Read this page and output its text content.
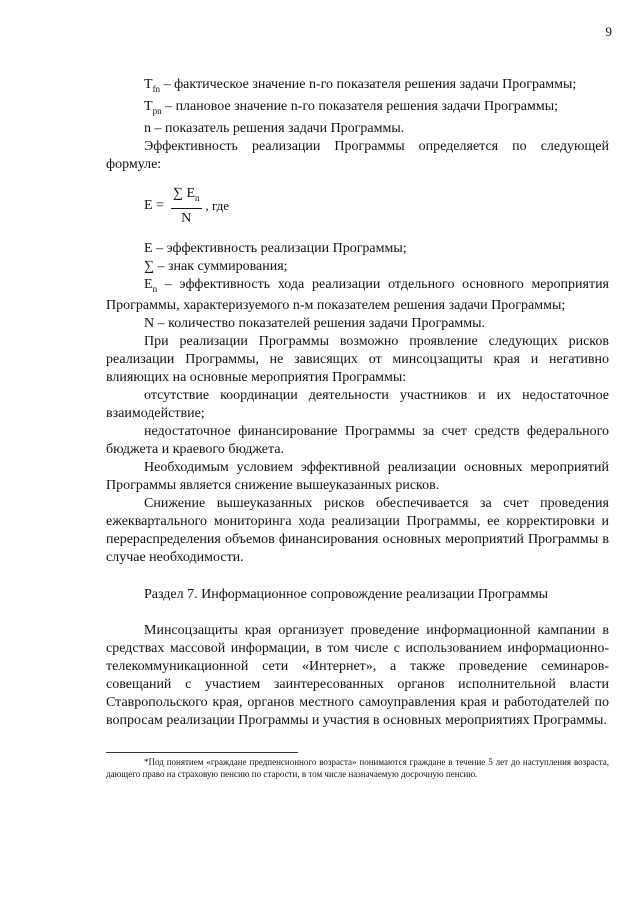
9

$T_{fn}$ – фактическое значение n-го показателя решения задачи Программы;

$T_{pn}$ – плановое значение n-го показателя решения задачи Программы;

n – показатель решения задачи Программы.

Эффективность реализации Программы определяется по следующей формуле:

$E = \frac{\sum E_n}{N}$ , где

E – эффективность реализации Программы;

∑ – знак суммирования;

$E_n$ – эффективность хода реализации отдельного основного мероприятия Программы, характеризуемого n-м показателем решения задачи Программы;

N – количество показателей решения задачи Программы.

При реализации Программы возможно проявление следующих рисков реализации Программы, не зависящих от минсоцзащиты края и негативно влияющих на основные мероприятия Программы:

отсутствие координации деятельности участников и их недостаточное взаимодействие;

недостаточное финансирование Программы за счет средств федерального бюджета и краевого бюджета.

Необходимым условием эффективной реализации основных мероприятий Программы является снижение вышеуказанных рисков.

Снижение вышеуказанных рисков обеспечивается за счет проведения ежеквартального мониторинга хода реализации Программы, ее корректировки и перераспределения объемов финансирования основных мероприятий Программы в случае необходимости.

Раздел 7. Информационное сопровождение реализации Программы

Минсоцзащиты края организует проведение информационной кампании в средствах массовой информации, в том числе с использованием информационно-телекоммуникационной сети «Интернет», а также проведение семинаров-совещаний с участием заинтересованных органов исполнительной власти Ставропольского края, органов местного самоуправления края и работодателей по вопросам реализации Программы и участия в основных мероприятиях Программы.

*Под понятием «граждане предпенсионного возраста» понимаются граждане в течение 5 лет до наступления возраста, дающего право на страховую пенсию по старости, в том числе назначаемую досрочную пенсию.
